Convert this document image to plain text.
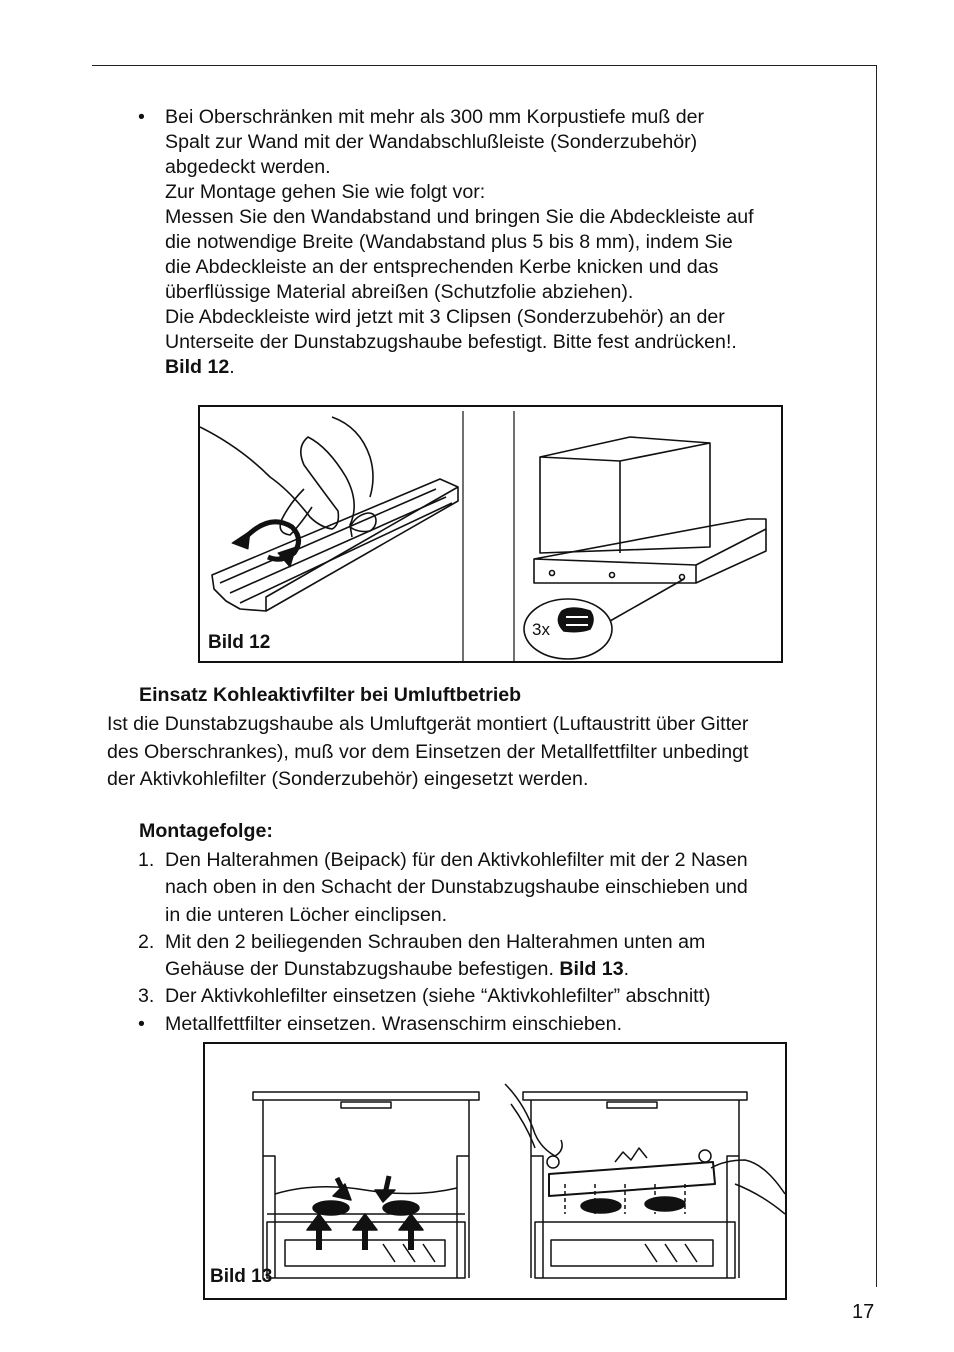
• Bei Oberschränken mit mehr als 300 mm Korpustiefe muß der
Spalt zur Wand mit der Wandabschlußleiste (Sonderzubehör)
abgedeckt werden.
Zur Montage gehen Sie wie folgt vor:
Messen Sie den Wandabstand und bringen Sie die Abdeckleiste auf
die notwendige Breite (Wandabstand plus 5 bis 8 mm), indem Sie
die Abdeckleiste an der entsprechenden Kerbe knicken und das
überflüssige Material abreißen (Schutzfolie abziehen).
Die Abdeckleiste wird jetzt mit 3 Clipsen (Sonderzubehör) an der
Unterseite der Dunstabzugshaube befestigt. Bitte fest andrücken!.
Bild 12.
3x
Bild 12
Einsatz Kohleaktivfilter bei Umluftbetrieb
Ist die Dunstabzugshaube als Umluftgerät montiert (Luftaustritt über Gitter
des Oberschrankes), muß vor dem Einsetzen der Metallfettfilter unbedingt
der Aktivkohlefilter (Sonderzubehör) eingesetzt werden.
Montagefolge:
1. Den Halterahmen (Beipack) für den Aktivkohlefilter mit der 2 Nasen
nach oben in den Schacht der Dunstabzugshaube einschieben und
in die unteren Löcher einclipsen.
2. Mit den 2 beiliegenden Schrauben den Halterahmen unten am
Gehäuse der Dunstabzugshaube befestigen. Bild 13.
3. Der Aktivkohlefilter einsetzen (siehe “Aktivkohlefilter” abschnitt)
• Metallfettfilter einsetzen. Wrasenschirm einschieben.
Bild 13
17
